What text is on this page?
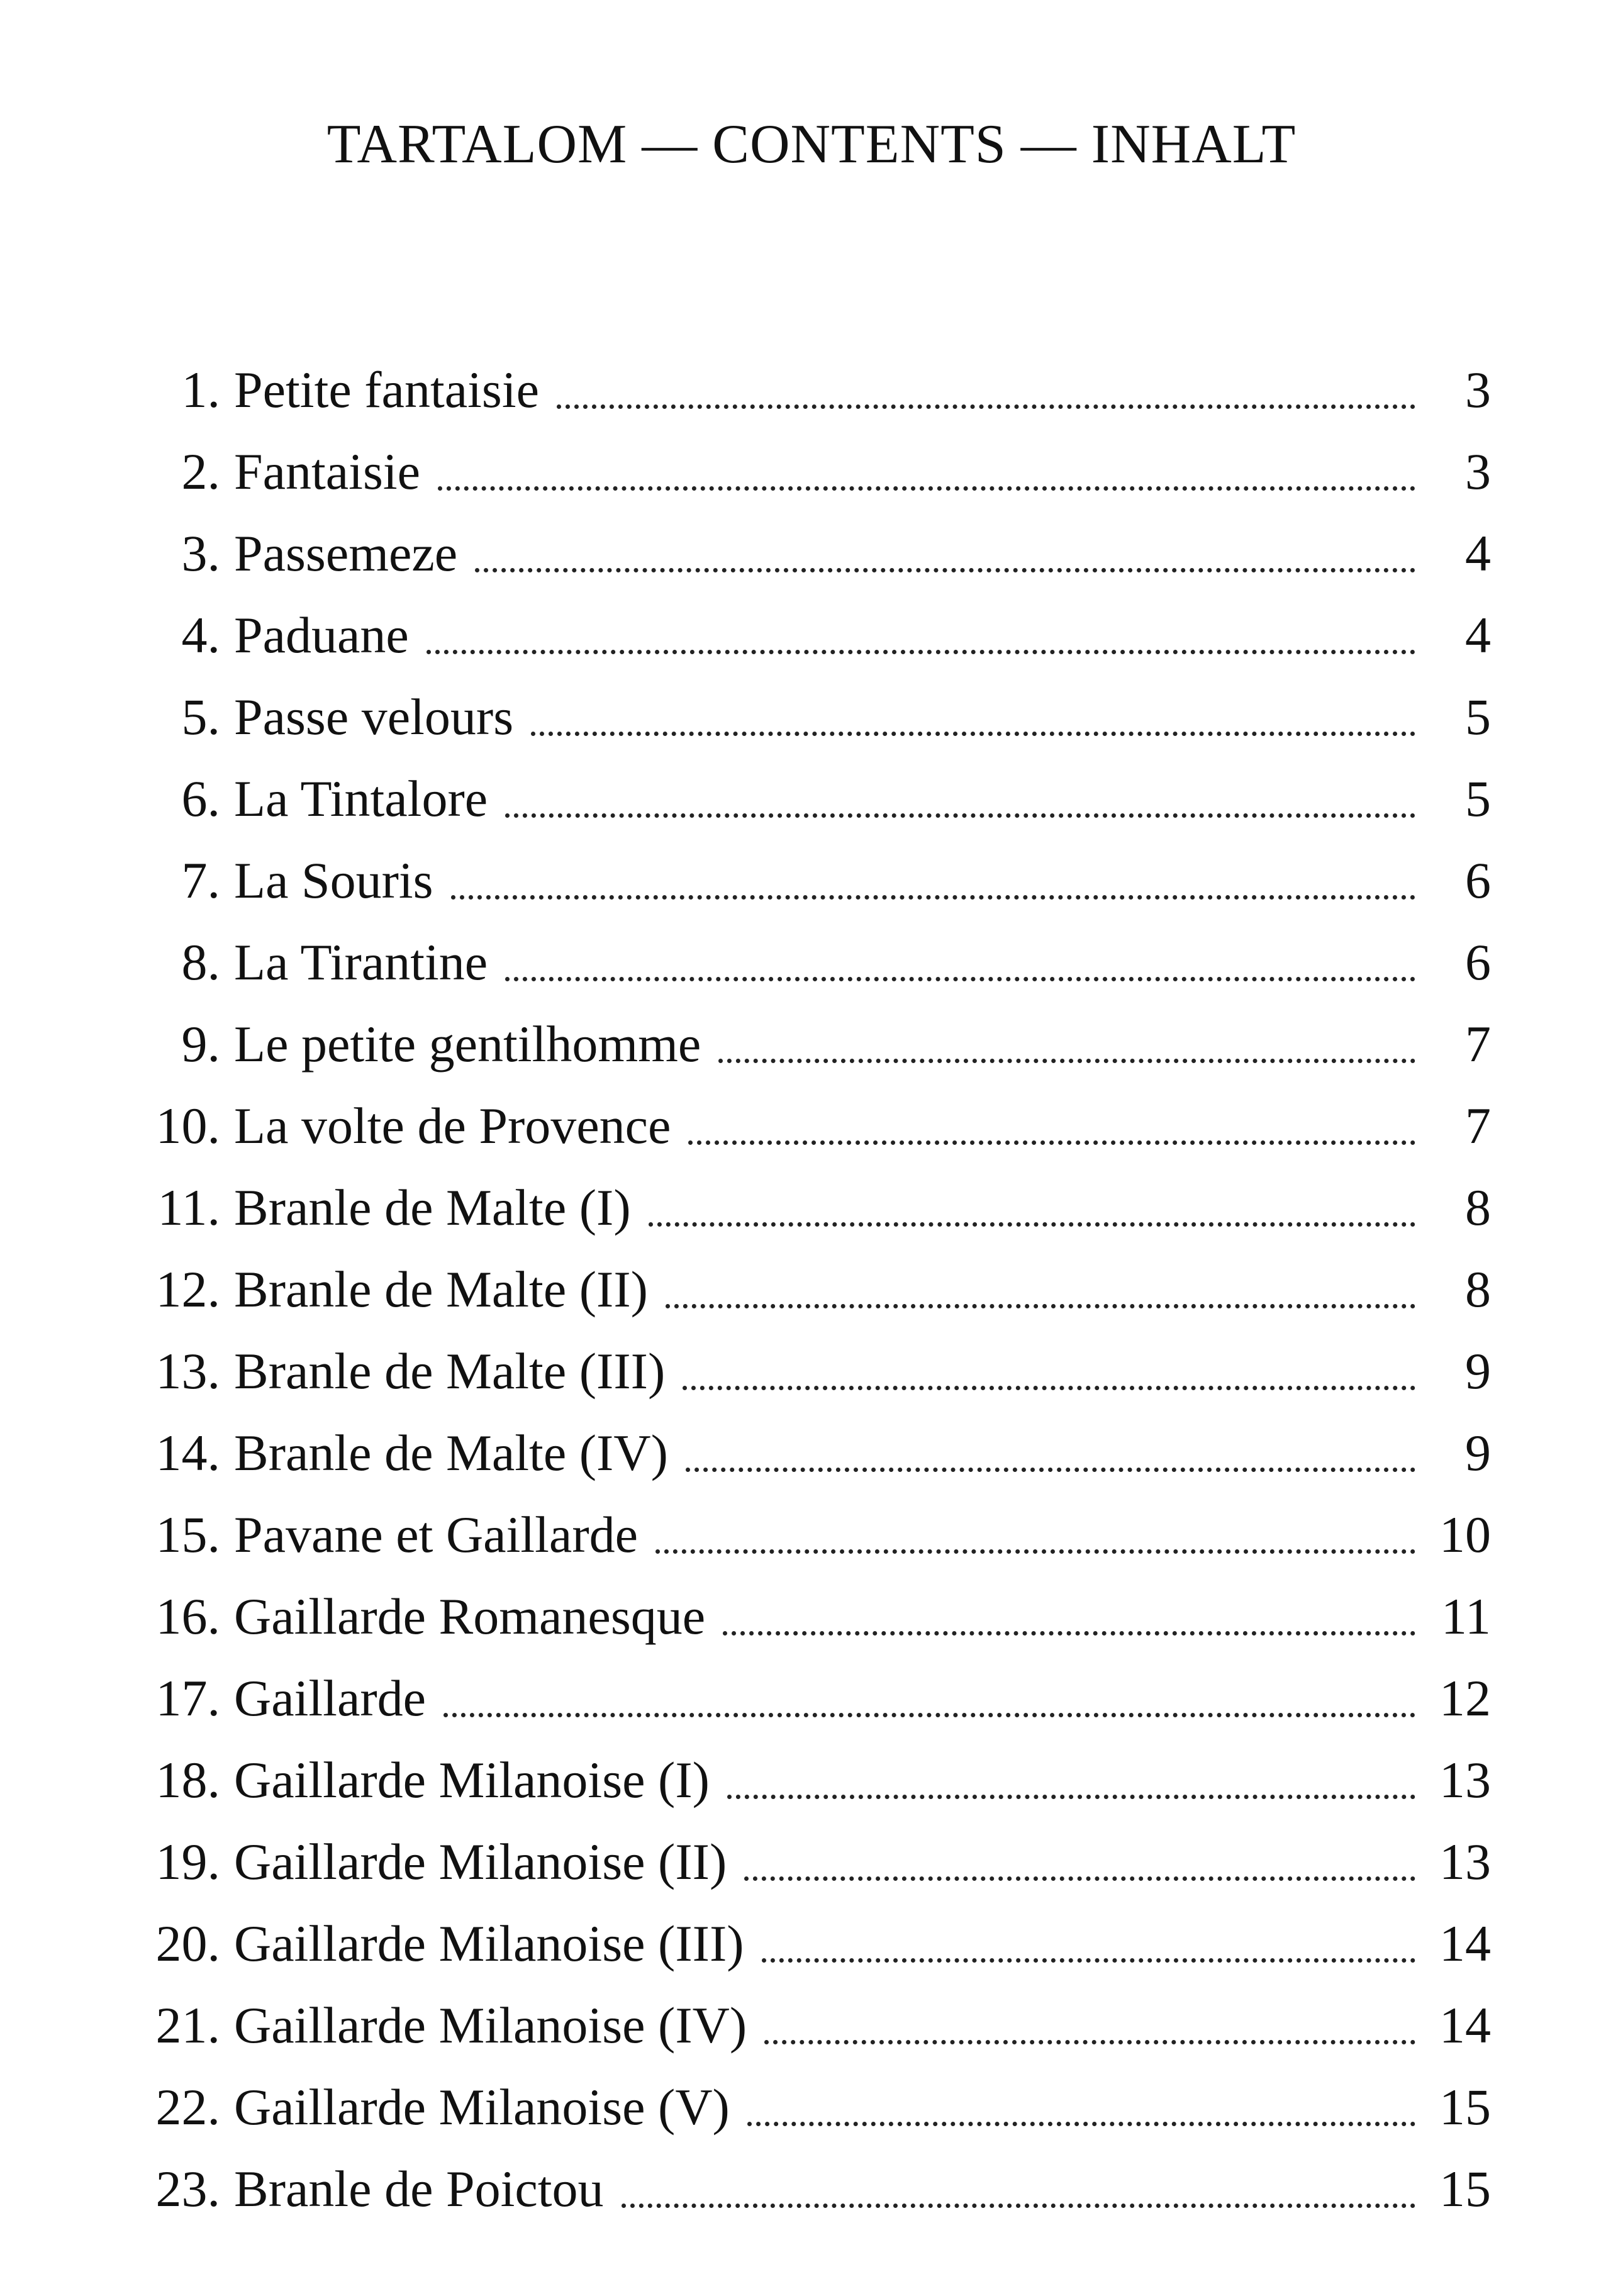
TARTALOM — CONTENTS — INHALT
1. Petite fantaisie	3
2. Fantaisie	3
3. Passemeze	4
4. Paduane	4
5. Passe velours	5
6. La Tintalore	5
7. La Souris	6
8. La Tirantine	6
9. Le petite gentilhomme	7
10. La volte de Provence	7
11. Branle de Malte (I)	8
12. Branle de Malte (II)	8
13. Branle de Malte (III)	9
14. Branle de Malte (IV)	9
15. Pavane et Gaillarde	10
16. Gaillarde Romanesque	11
17. Gaillarde	12
18. Gaillarde Milanoise (I)	13
19. Gaillarde Milanoise (II)	13
20. Gaillarde Milanoise (III)	14
21. Gaillarde Milanoise (IV)	14
22. Gaillarde Milanoise (V)	15
23. Branle de Poictou	15
